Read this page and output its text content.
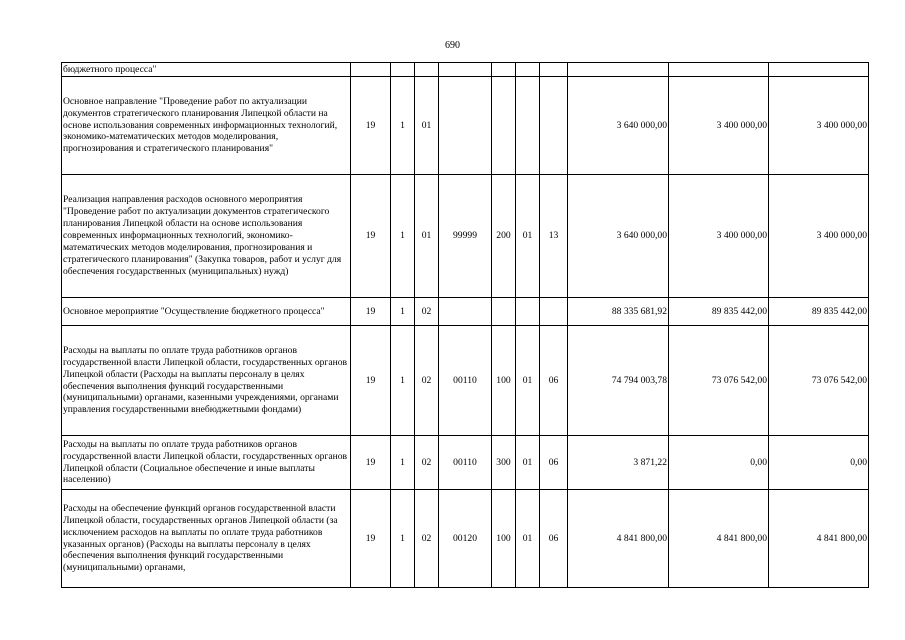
690
бюджетного процесса"										
Основное направление "Проведение работ по актуализации документов стратегического планирования Липецкой области на основе использования современных информационных технологий, экономико-математических методов моделирования, прогнозирования и стратегического планирования"	19	1	01					3 640 000,00	3 400 000,00	3 400 000,00
Реализация направления расходов основного мероприятия "Проведение работ по актуализации документов стратегического планирования Липецкой области на основе использования современных информационных технологий, экономико-математических методов моделирования, прогнозирования и стратегического планирования" (Закупка товаров, работ и услуг для обеспечения государственных (муниципальных) нужд)	19	1	01	99999	200	01	13	3 640 000,00	3 400 000,00	3 400 000,00
Основное мероприятие "Осуществление бюджетного процесса"	19	1	02					88 335 681,92	89 835 442,00	89 835 442,00
Расходы на выплаты по оплате труда работников органов государственной власти Липецкой области, государственных органов Липецкой области (Расходы на выплаты персоналу в целях обеспечения выполнения функций государственными (муниципальными) органами, казенными учреждениями, органами управления государственными внебюджетными фондами)	19	1	02	00110	100	01	06	74 794 003,78	73 076 542,00	73 076 542,00
Расходы на выплаты по оплате труда работников органов государственной власти Липецкой области, государственных органов Липецкой области (Социальное обеспечение и иные выплаты населению)	19	1	02	00110	300	01	06	3 871,22	0,00	0,00
Расходы на обеспечение функций органов государственной власти Липецкой области, государственных органов Липецкой области (за исключением расходов на выплаты по оплате труда работников указанных органов) (Расходы на выплаты персоналу в целях обеспечения выполнения функций государственными (муниципальными) органами,	19	1	02	00120	100	01	06	4 841 800,00	4 841 800,00	4 841 800,00
